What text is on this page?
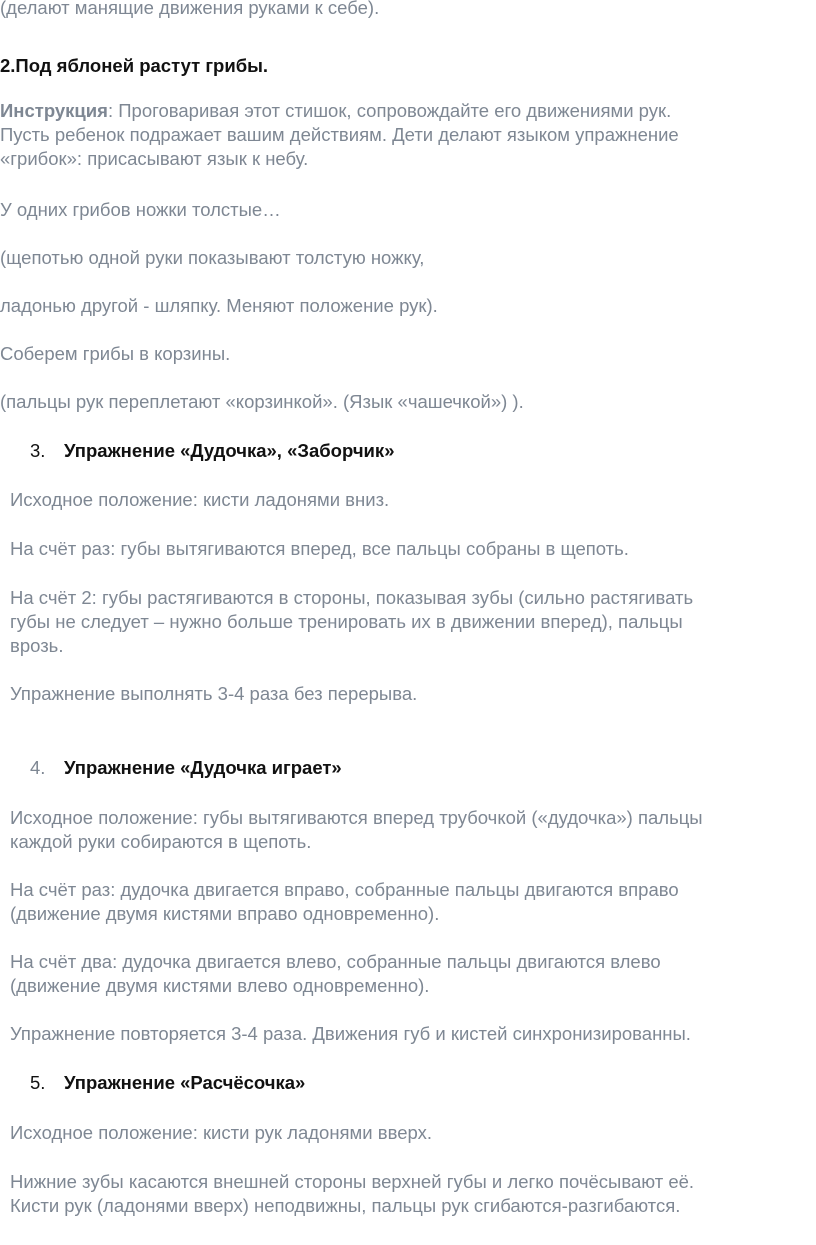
(делают манящие движения руками к себе).

2.Под яблоней растут грибы.

Инструкция: Проговаривая этот стишок, сопровождайте его движениями рук.
Пусть ребенок подражает вашим действиям. Дети делают языком упражнение
«грибок»: присасывают язык к небу.

У одних грибов ножки толстые…

(щепотью одной руки показывают толстую ножку,

ладонью другой - шляпку. Меняют положение рук).

Соберем грибы в корзины.

(пальцы рук переплетают «корзинкой». (Язык «чашечкой») ).

3. Упражнение «Дудочка», «Заборчик»

Исходное положение: кисти ладонями вниз.

На счёт раз: губы вытягиваются вперед, все пальцы собраны в щепоть.

На счёт 2: губы растягиваются в стороны, показывая зубы (сильно растягивать
губы не следует – нужно больше тренировать их в движении вперед), пальцы
врозь.

Упражнение выполнять 3-4 раза без перерыва.

4. Упражнение «Дудочка играет»
Исходное положение: губы вытягиваются вперед трубочкой («дудочка») пальцы
каждой руки собираются в щепоть.
На счёт раз: дудочка двигается вправо, собранные пальцы двигаются вправо
(движение двумя кистями вправо одновременно).
На счёт два: дудочка двигается влево, собранные пальцы двигаются влево
(движение двумя кистями влево одновременно).

Упражнение повторяется 3-4 раза. Движения губ и кистей синхронизированны.

5. Упражнение «Расчёсочка»

Исходное положение: кисти рук ладонями вверх.

Нижние зубы касаются внешней стороны верхней губы и легко почёсывают её.
Кисти рук (ладонями вверх) неподвижны, пальцы рук сгибаются-разгибаются.
